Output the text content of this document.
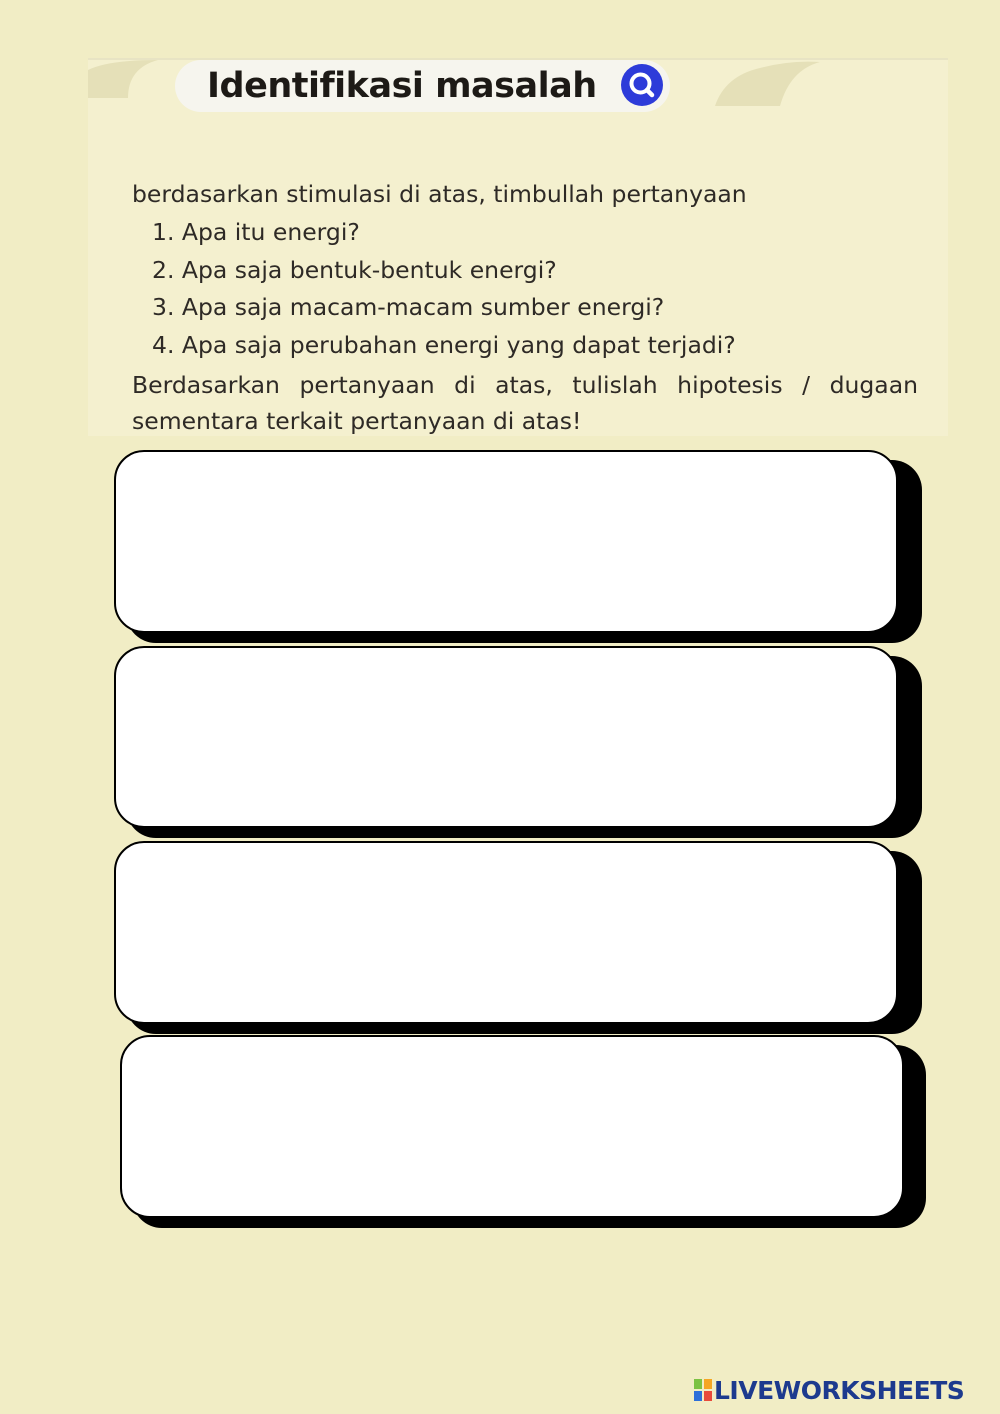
Identifikasi masalah
berdasarkan stimulasi di atas, timbullah pertanyaan
1. Apa itu energi?
2. Apa saja bentuk-bentuk energi?
3. Apa saja macam-macam sumber energi?
4. Apa saja perubahan energi yang dapat terjadi?
Berdasarkan pertanyaan di atas, tulislah hipotesis / dugaan sementara terkait pertanyaan di atas!
LIVEWORKSHEETS
